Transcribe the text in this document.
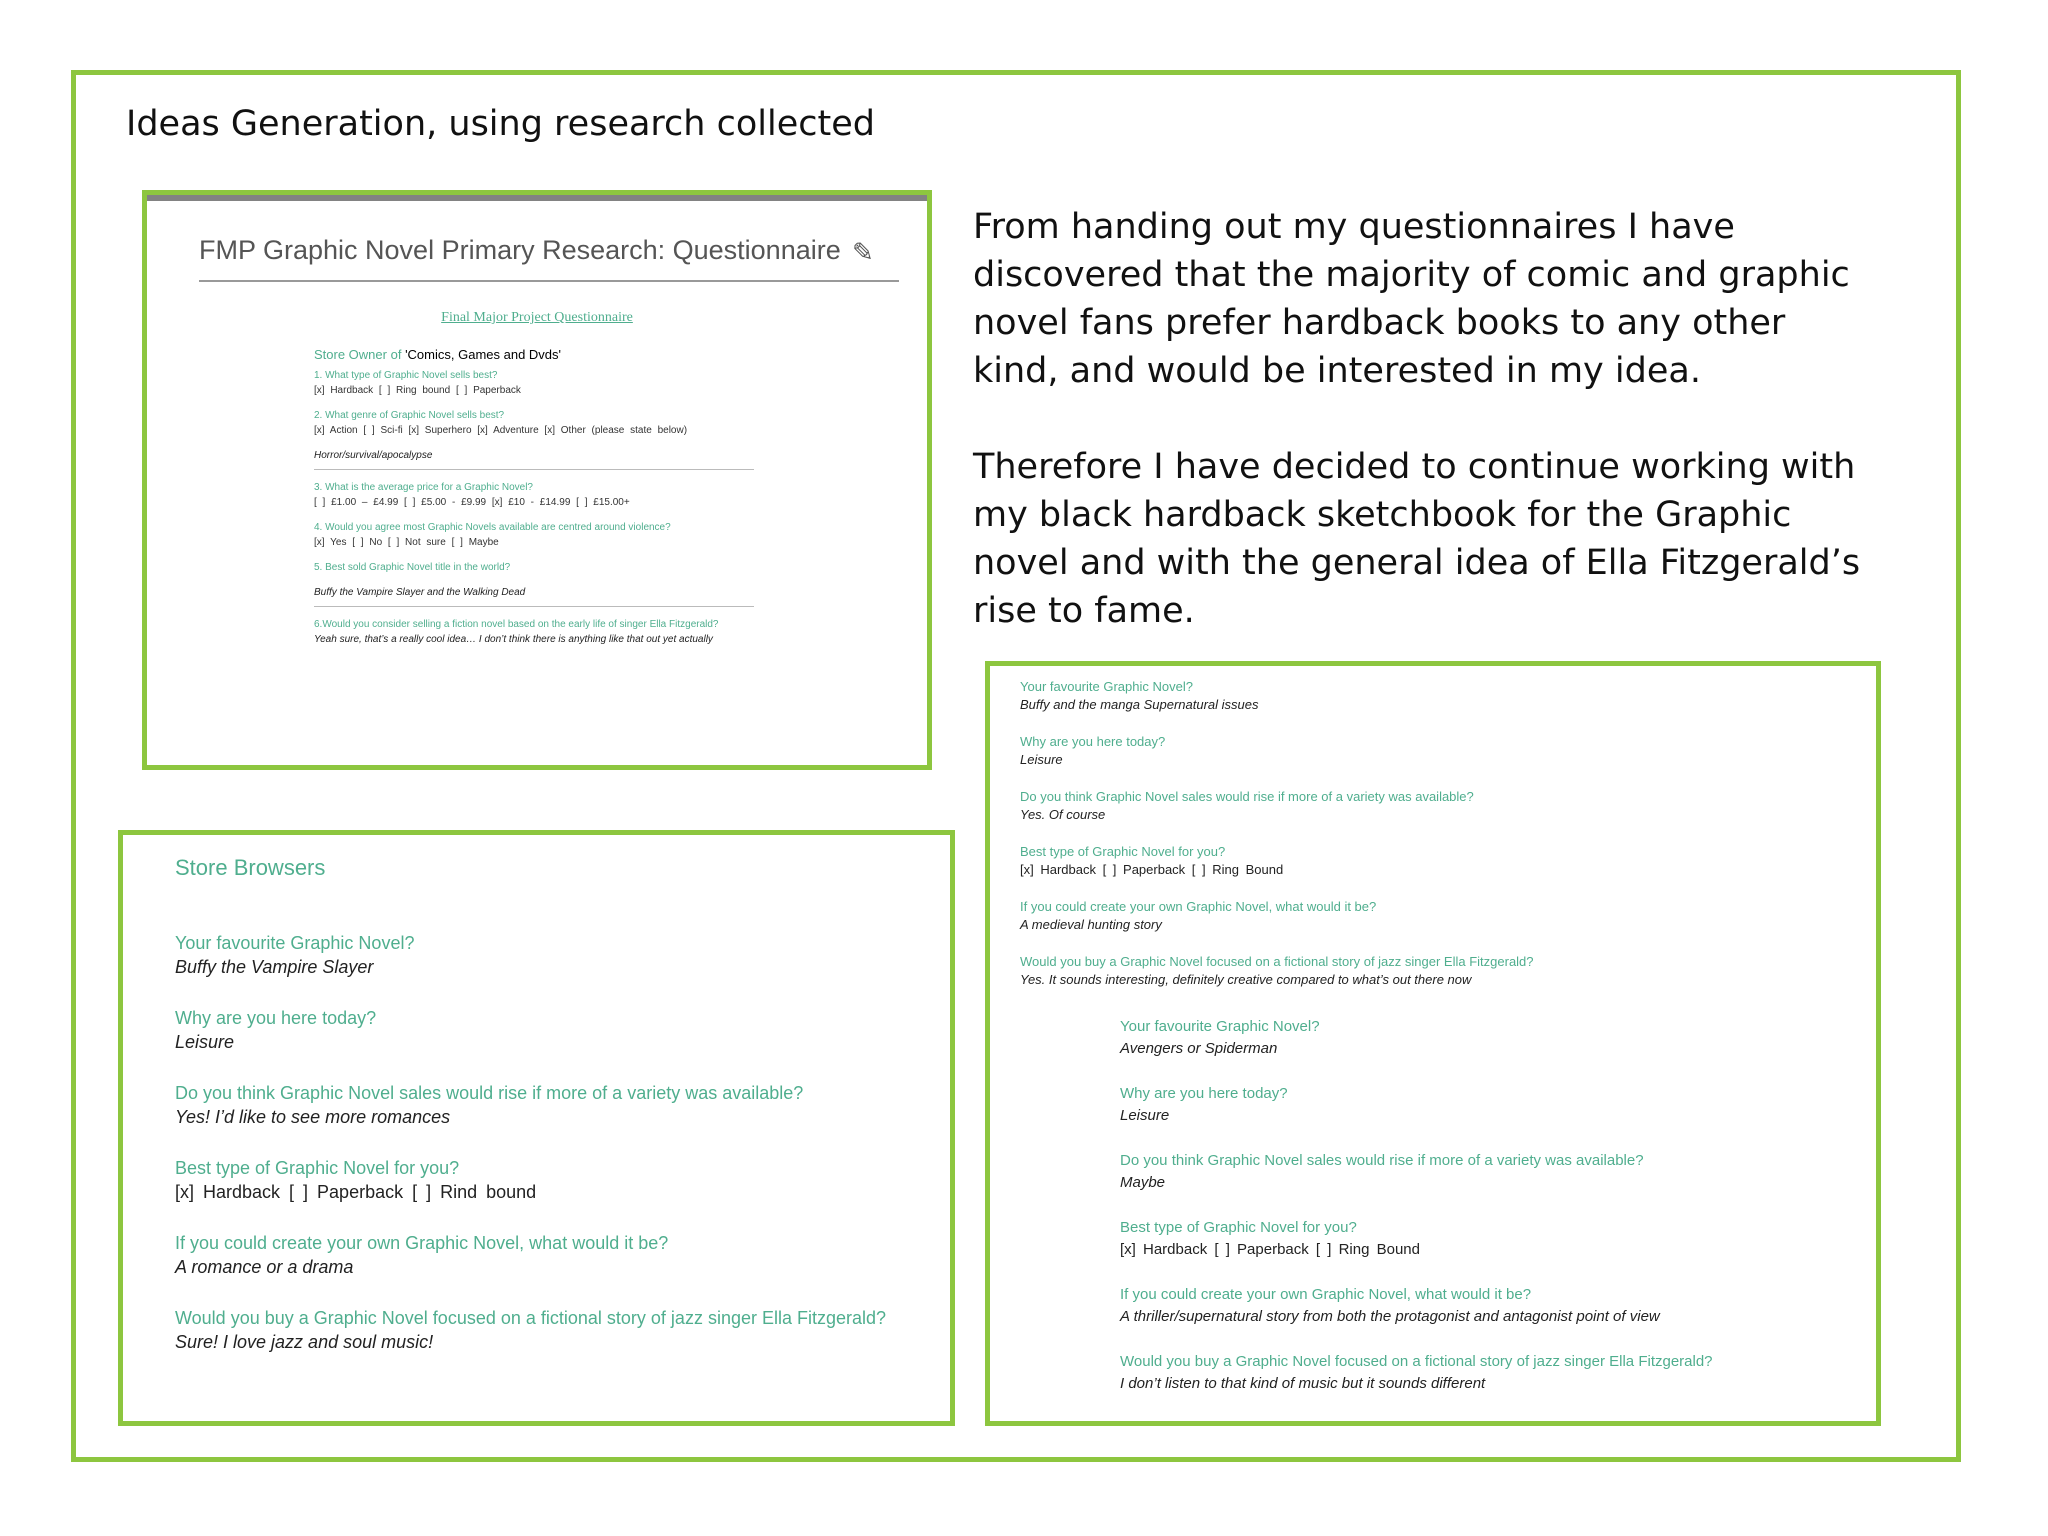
Ideas Generation, using research collected
From handing out my questionnaires I have discovered that the majority of comic and graphic novel fans prefer hardback books to any other kind, and would be interested in my idea.
Therefore I have decided to continue working with my black hardback sketchbook for the Graphic novel and with the general idea of Ella Fitzgerald’s rise to fame.
FMP Graphic Novel Primary Research: Questionnaire ✎
Final Major Project Questionnaire
Store Owner of 'Comics, Games and Dvds'
1. What type of Graphic Novel sells best?
[x] Hardback [ ] Ring bound [ ] Paperback
2. What genre of Graphic Novel sells best?
[x] Action [ ] Sci-fi [x] Superhero [x] Adventure [x] Other (please state below)
Horror/survival/apocalypse
3. What is the average price for a Graphic Novel?
[ ] £1.00 – £4.99 [ ] £5.00 - £9.99 [x] £10 - £14.99 [ ] £15.00+
4. Would you agree most Graphic Novels available are centred around violence?
[x] Yes [ ] No [ ] Not sure [ ] Maybe
5. Best sold Graphic Novel title in the world?
Buffy the Vampire Slayer and the Walking Dead
6.Would you consider selling a fiction novel based on the early life of singer Ella Fitzgerald?
Yeah sure, that’s a really cool idea… I don’t think there is anything like that out yet actually
Store Browsers
Your favourite Graphic Novel?
Buffy the Vampire Slayer
Why are you here today?
Leisure
Do you think Graphic Novel sales would rise if more of a variety was available?
Yes! I’d like to see more romances
Best type of Graphic Novel for you?
[x] Hardback [ ] Paperback [ ] Rind bound
If you could create your own Graphic Novel, what would it be?
A romance or a drama
Would you buy a Graphic Novel focused on a fictional story of jazz singer Ella Fitzgerald?
Sure! I love jazz and soul music!
Your favourite Graphic Novel?
Buffy and the manga Supernatural issues
Why are you here today?
Leisure
Do you think Graphic Novel sales would rise if more of a variety was available?
Yes. Of course
Best type of Graphic Novel for you?
[x] Hardback [ ] Paperback [ ] Ring Bound
If you could create your own Graphic Novel, what would it be?
A medieval hunting story
Would you buy a Graphic Novel focused on a fictional story of jazz singer Ella Fitzgerald?
Yes. It sounds interesting, definitely creative compared to what’s out there now
Your favourite Graphic Novel?
Avengers or Spiderman
Why are you here today?
Leisure
Do you think Graphic Novel sales would rise if more of a variety was available?
Maybe
Best type of Graphic Novel for you?
[x] Hardback [ ] Paperback [ ] Ring Bound
If you could create your own Graphic Novel, what would it be?
A thriller/supernatural story from both the protagonist and antagonist point of view
Would you buy a Graphic Novel focused on a fictional story of jazz singer Ella Fitzgerald?
I don’t listen to that kind of music but it sounds different
